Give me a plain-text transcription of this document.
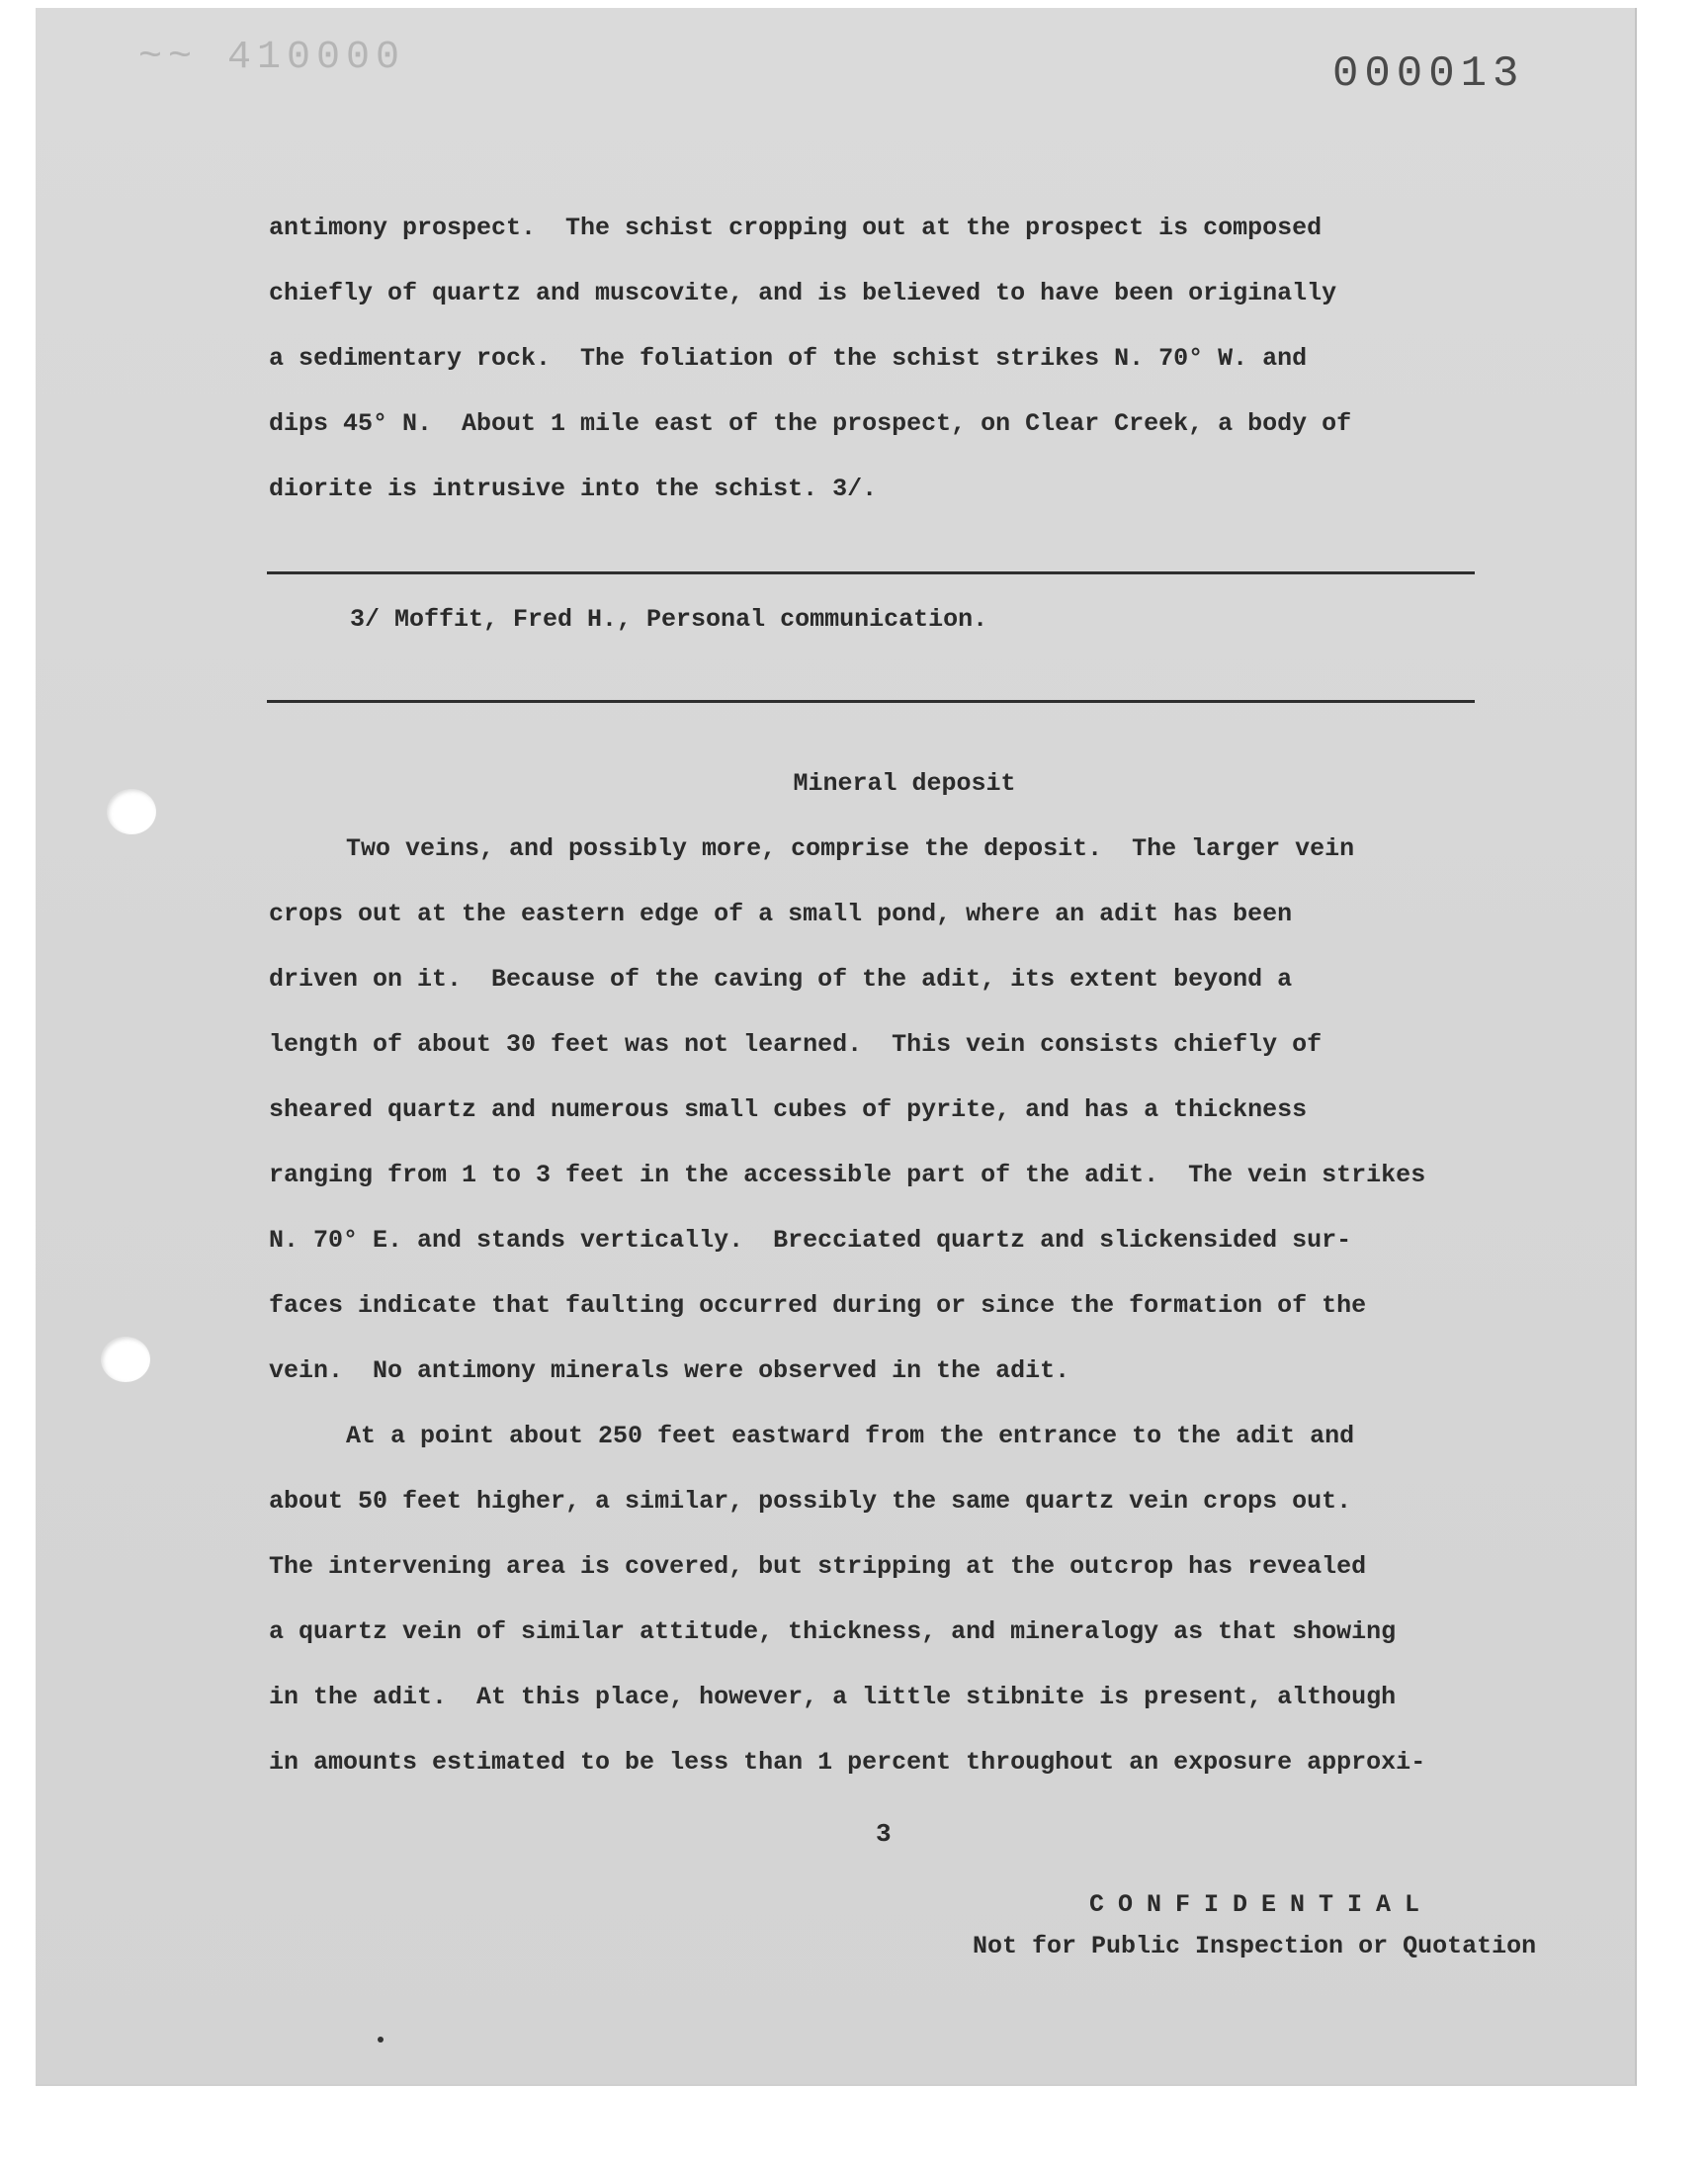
~~ 410000	000013
antimony prospect.  The schist cropping out at the prospect is composed
chiefly of quartz and muscovite, and is believed to have been originally
a sedimentary rock.  The foliation of the schist strikes N. 70° W. and
dips 45° N.  About 1 mile east of the prospect, on Clear Creek, a body of
diorite is intrusive into the schist. 3/.
3/ Moffit, Fred H., Personal communication.
Mineral deposit
Two veins, and possibly more, comprise the deposit.  The larger vein
crops out at the eastern edge of a small pond, where an adit has been
driven on it.  Because of the caving of the adit, its extent beyond a
length of about 30 feet was not learned.  This vein consists chiefly of
sheared quartz and numerous small cubes of pyrite, and has a thickness
ranging from 1 to 3 feet in the accessible part of the adit.  The vein strikes
N. 70° E. and stands vertically.  Brecciated quartz and slickensided sur-
faces indicate that faulting occurred during or since the formation of the
vein.  No antimony minerals were observed in the adit.
At a point about 250 feet eastward from the entrance to the adit and
about 50 feet higher, a similar, possibly the same quartz vein crops out.
The intervening area is covered, but stripping at the outcrop has revealed
a quartz vein of similar attitude, thickness, and mineralogy as that showing
in the adit.  At this place, however, a little stibnite is present, although
in amounts estimated to be less than 1 percent throughout an exposure approxi-
3
CONFIDENTIAL
Not for Public Inspection or Quotation
